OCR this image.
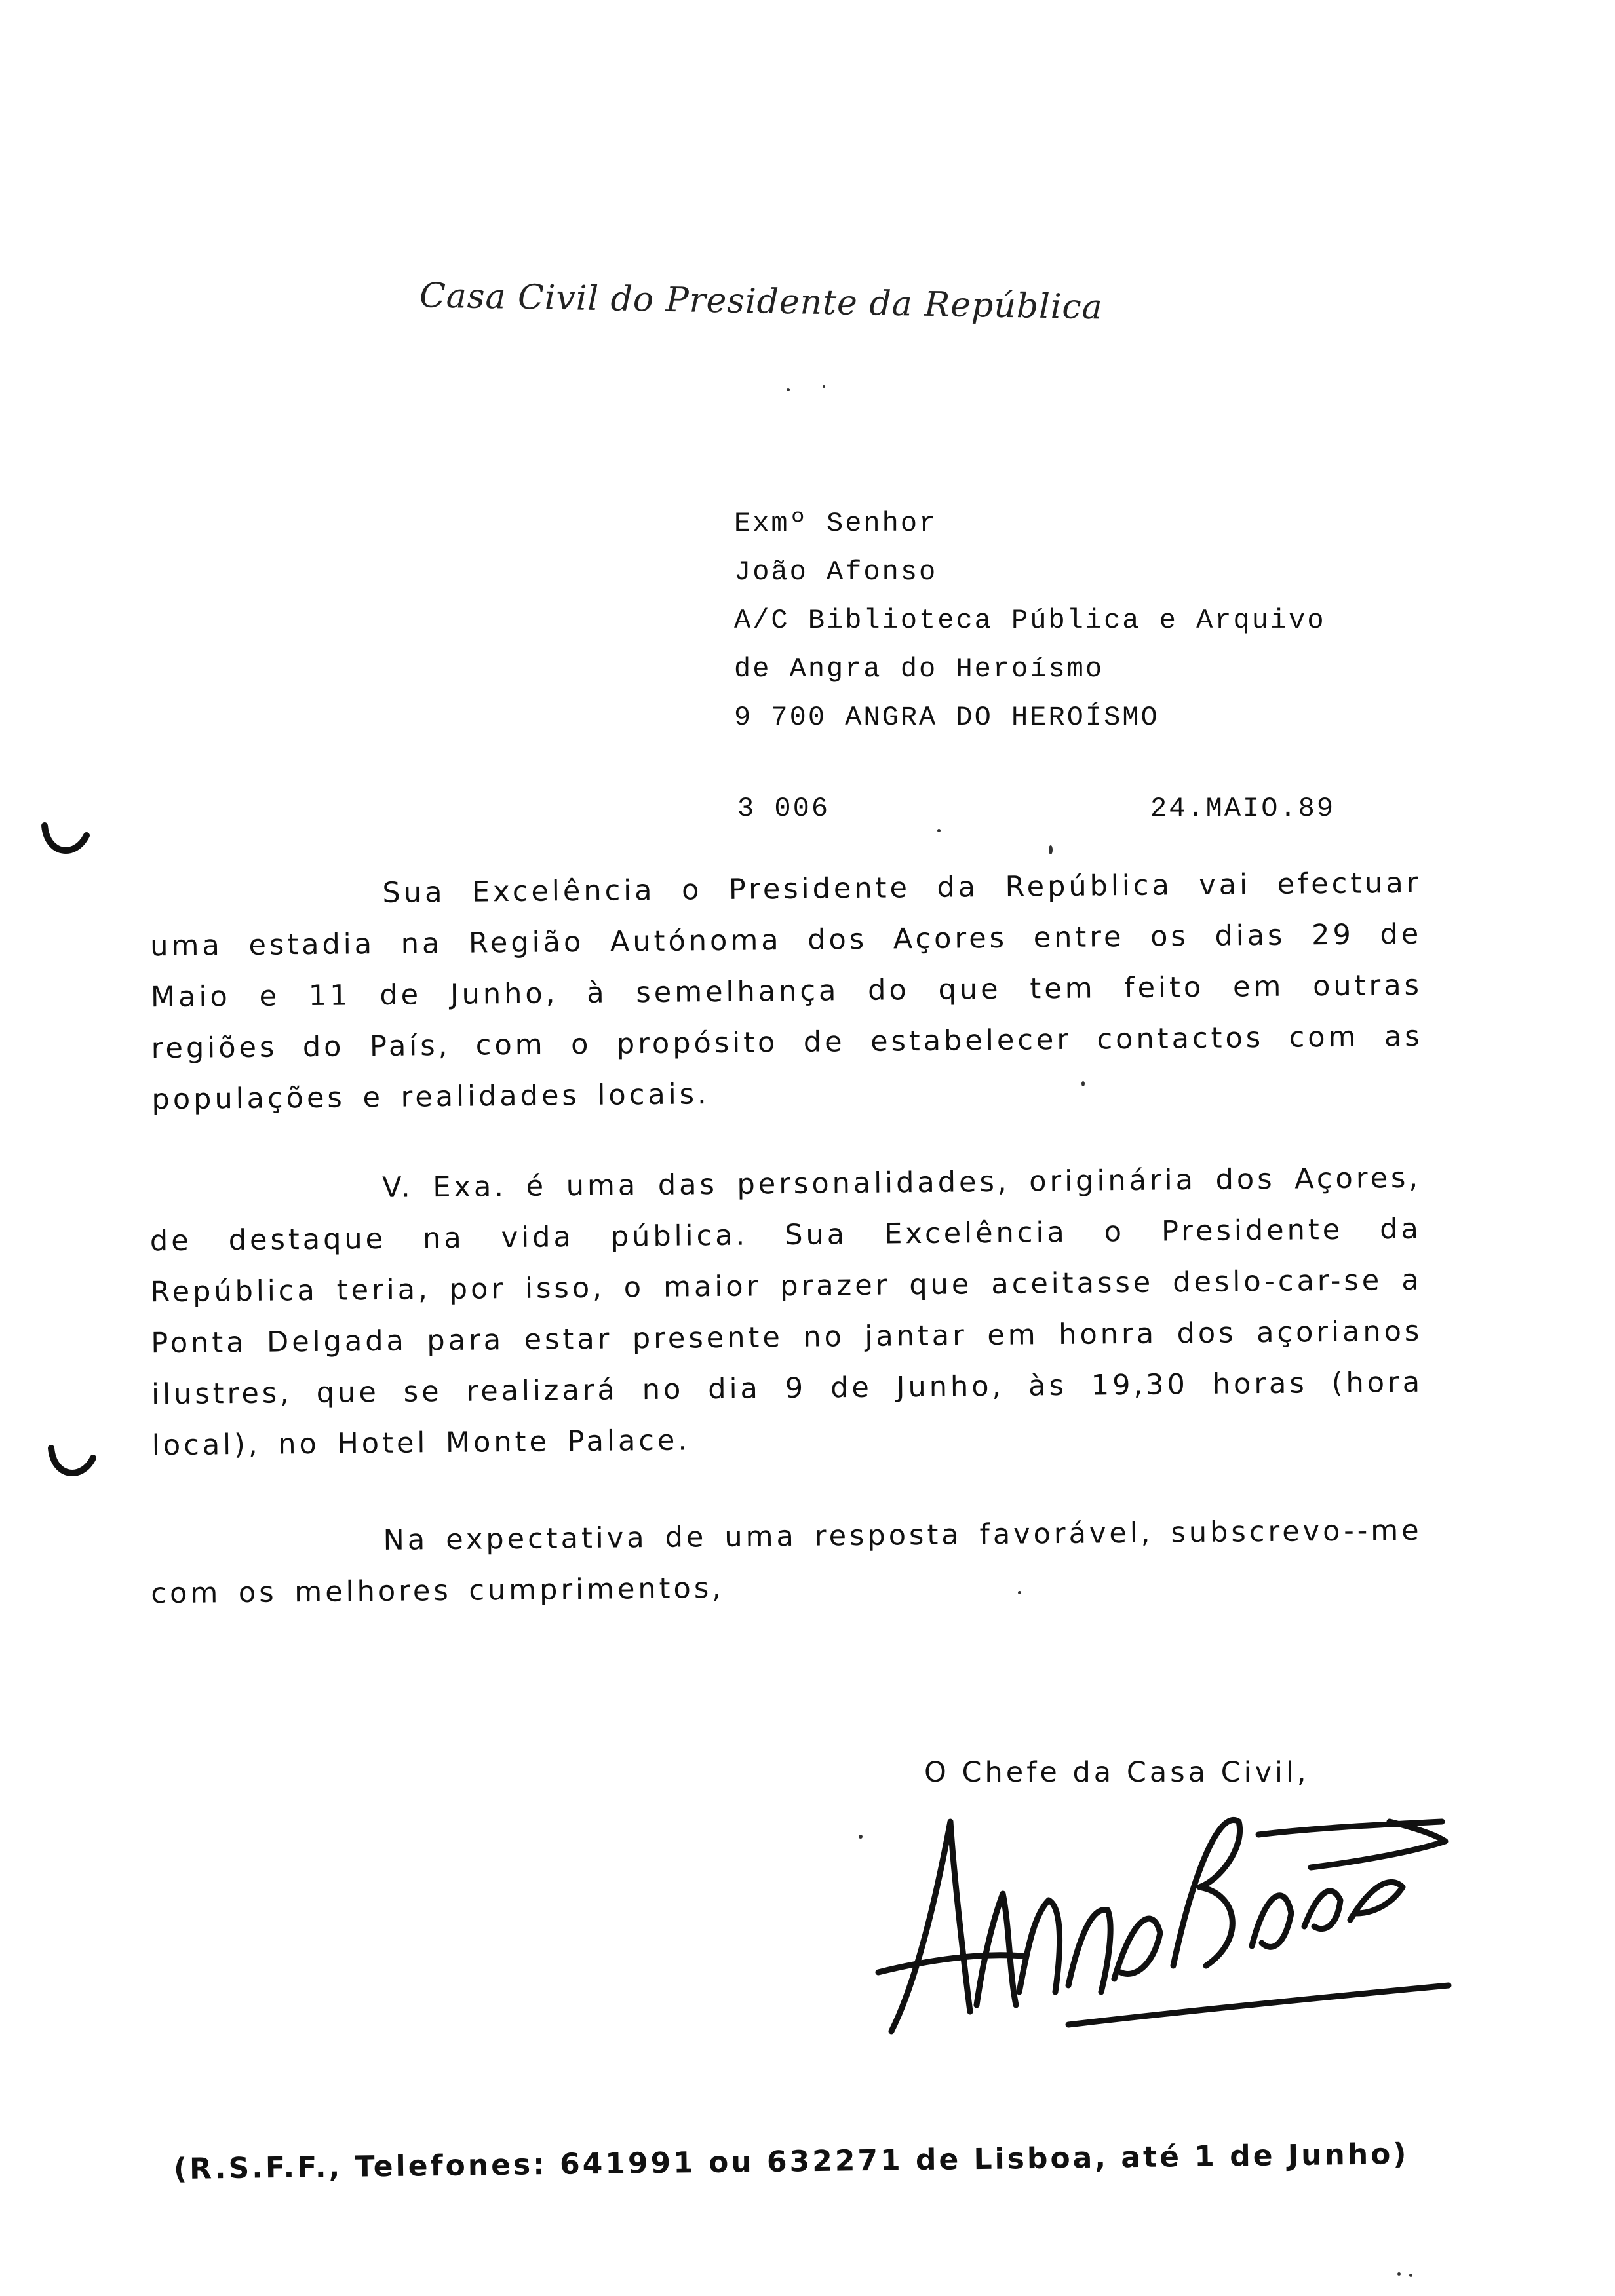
Casa Civil do Presidente da República
Exmº Senhor
João Afonso
A/C Biblioteca Pública e Arquivo
de Angra do Heroísmo
9 700 ANGRA DO HEROÍSMO
3 006	24.MAIO.89
Sua Excelência o Presidente da República vai efectuar uma estadia na Região Autónoma dos Açores entre os dias 29 de Maio e 11 de Junho, à semelhança do que tem feito em outras regiões do País, com o propósito de estabelecer contactos com as populações e realidades locais.
V. Exa. é uma das personalidades, originária dos Açores, de destaque na vida pública. Sua Excelência o Presidente da República teria, por isso, o maior prazer que aceitasse deslo-car-se a Ponta Delgada para estar presente no jantar em honra dos açorianos ilustres, que se realizará no dia 9 de Junho, às 19,30 horas (hora local), no Hotel Monte Palace.
Na expectativa de uma resposta favorável, subscrevo--me com os melhores cumprimentos,
O Chefe da Casa Civil,
(R.S.F.F., Telefones: 641991 ou 632271 de Lisboa, até 1 de Junho)
